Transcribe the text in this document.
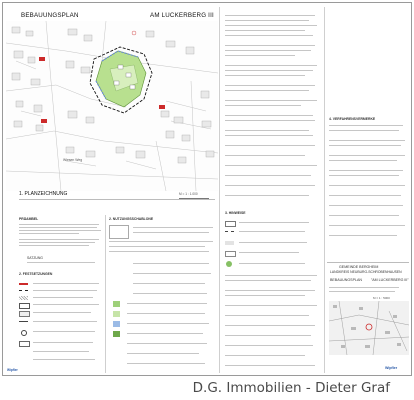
BEBAUUNGSPLAN	AM LUCKERBERG III
Wiesen Weg
M = 1 : 1.000
1. PLANZEICHNUNG
PRÄAMBEL
SATZUNG
2. FESTSETZUNGEN
2. NUTZUNGSSCHABLONE
3. HINWEISE
4. VERFAHRENSVERMERKE
GEMEINDE BERGHEIM
LANDKREIS NEUBURG-SCHROBENHAUSEN
BEBAUUNGSPLAN	"AM LUCKERBERG III"
M = 1 : 5000
Wipfler
Wipfler
D.G. Immobilien - Dieter Graf
